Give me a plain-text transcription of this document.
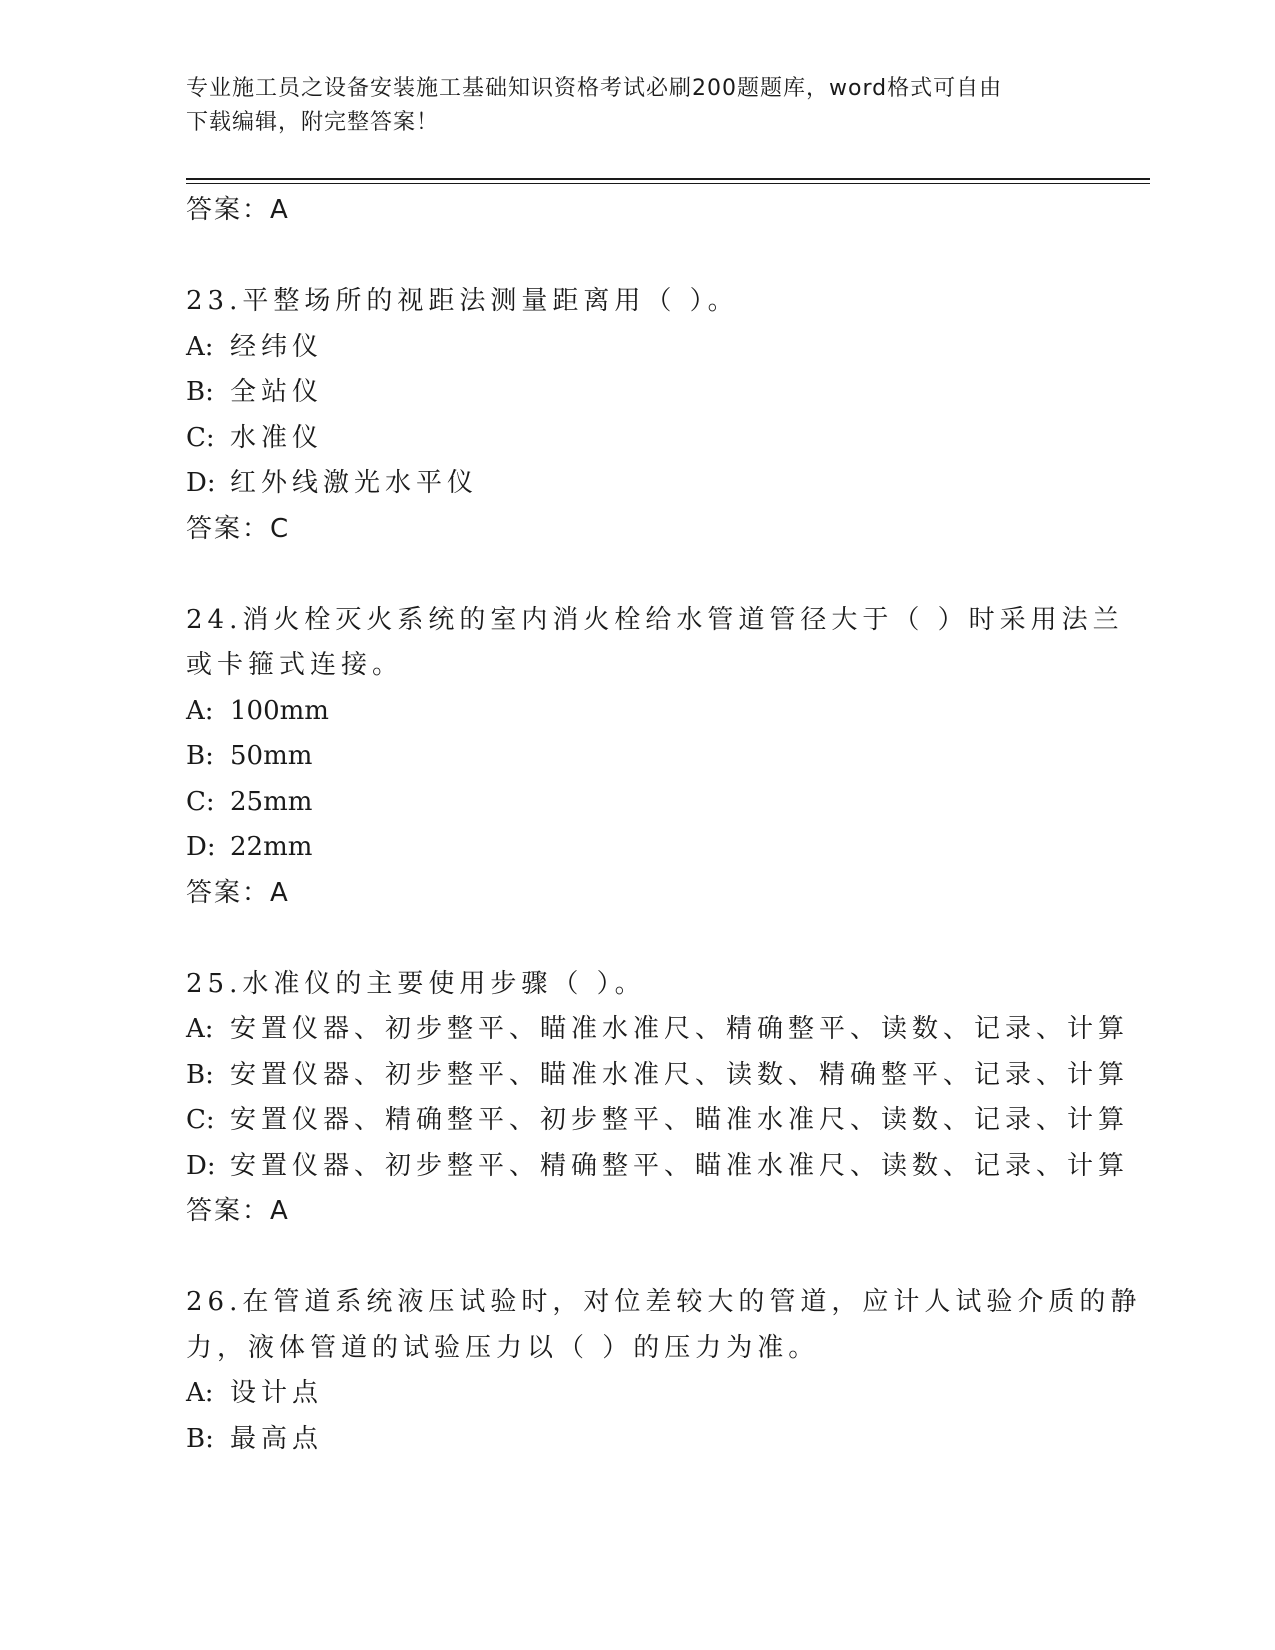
专业施工员之设备安装施工基础知识资格考试必刷200题题库，word格式可自由
下载编辑，附完整答案！
答案：A
23.平整场所的视距法测量距离用（ ）。
A: 经纬仪
B: 全站仪
C: 水准仪
D: 红外线激光水平仪
答案：C
24.消火栓灭火系统的室内消火栓给水管道管径大于（ ）时采用法兰
或卡箍式连接。
A: 100mm
B: 50mm
C: 25mm
D: 22mm
答案：A
25.水准仪的主要使用步骤（ ）。
A: 安置仪器、初步整平、瞄准水准尺、精确整平、读数、记录、计算
B: 安置仪器、初步整平、瞄准水准尺、读数、精确整平、记录、计算
C: 安置仪器、精确整平、初步整平、瞄准水准尺、读数、记录、计算
D: 安置仪器、初步整平、精确整平、瞄准水准尺、读数、记录、计算
答案：A
26.在管道系统液压试验时，对位差较大的管道，应计人试验介质的静
力，液体管道的试验压力以（ ）的压力为准。
A: 设计点
B: 最高点
